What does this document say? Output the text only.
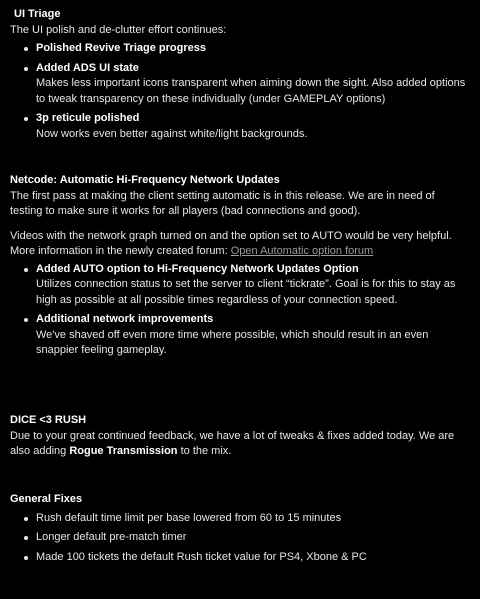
UI Triage
The UI polish and de-clutter effort continues:
Polished Revive Triage progress
Added ADS UI state
Makes less important icons transparent when aiming down the sight. Also added options to tweak transparency on these individually (under GAMEPLAY options)
3p reticule polished
Now works even better against white/light backgrounds.
Netcode: Automatic Hi-Frequency Network Updates
The first pass at making the client setting automatic is in this release. We are in need of testing to make sure it works for all players (bad connections and good).
Videos with the network graph turned on and the option set to AUTO would be very helpful. More information in the newly created forum: Open Automatic option forum
Added AUTO option to Hi-Frequency Network Updates Option
Utilizes connection status to set the server to client “tickrate”. Goal is for this to stay as high as possible at all possible times regardless of your connection speed.
Additional network improvements
We've shaved off even more time where possible, which should result in an even snappier feeling gameplay.
DICE <3 RUSH
Due to your great continued feedback, we have a lot of tweaks & fixes added today. We are also adding Rogue Transmission to the mix.
General Fixes
Rush default time limit per base lowered from 60 to 15 minutes
Longer default pre-match timer
Made 100 tickets the default Rush ticket value for PS4, Xbone & PC
